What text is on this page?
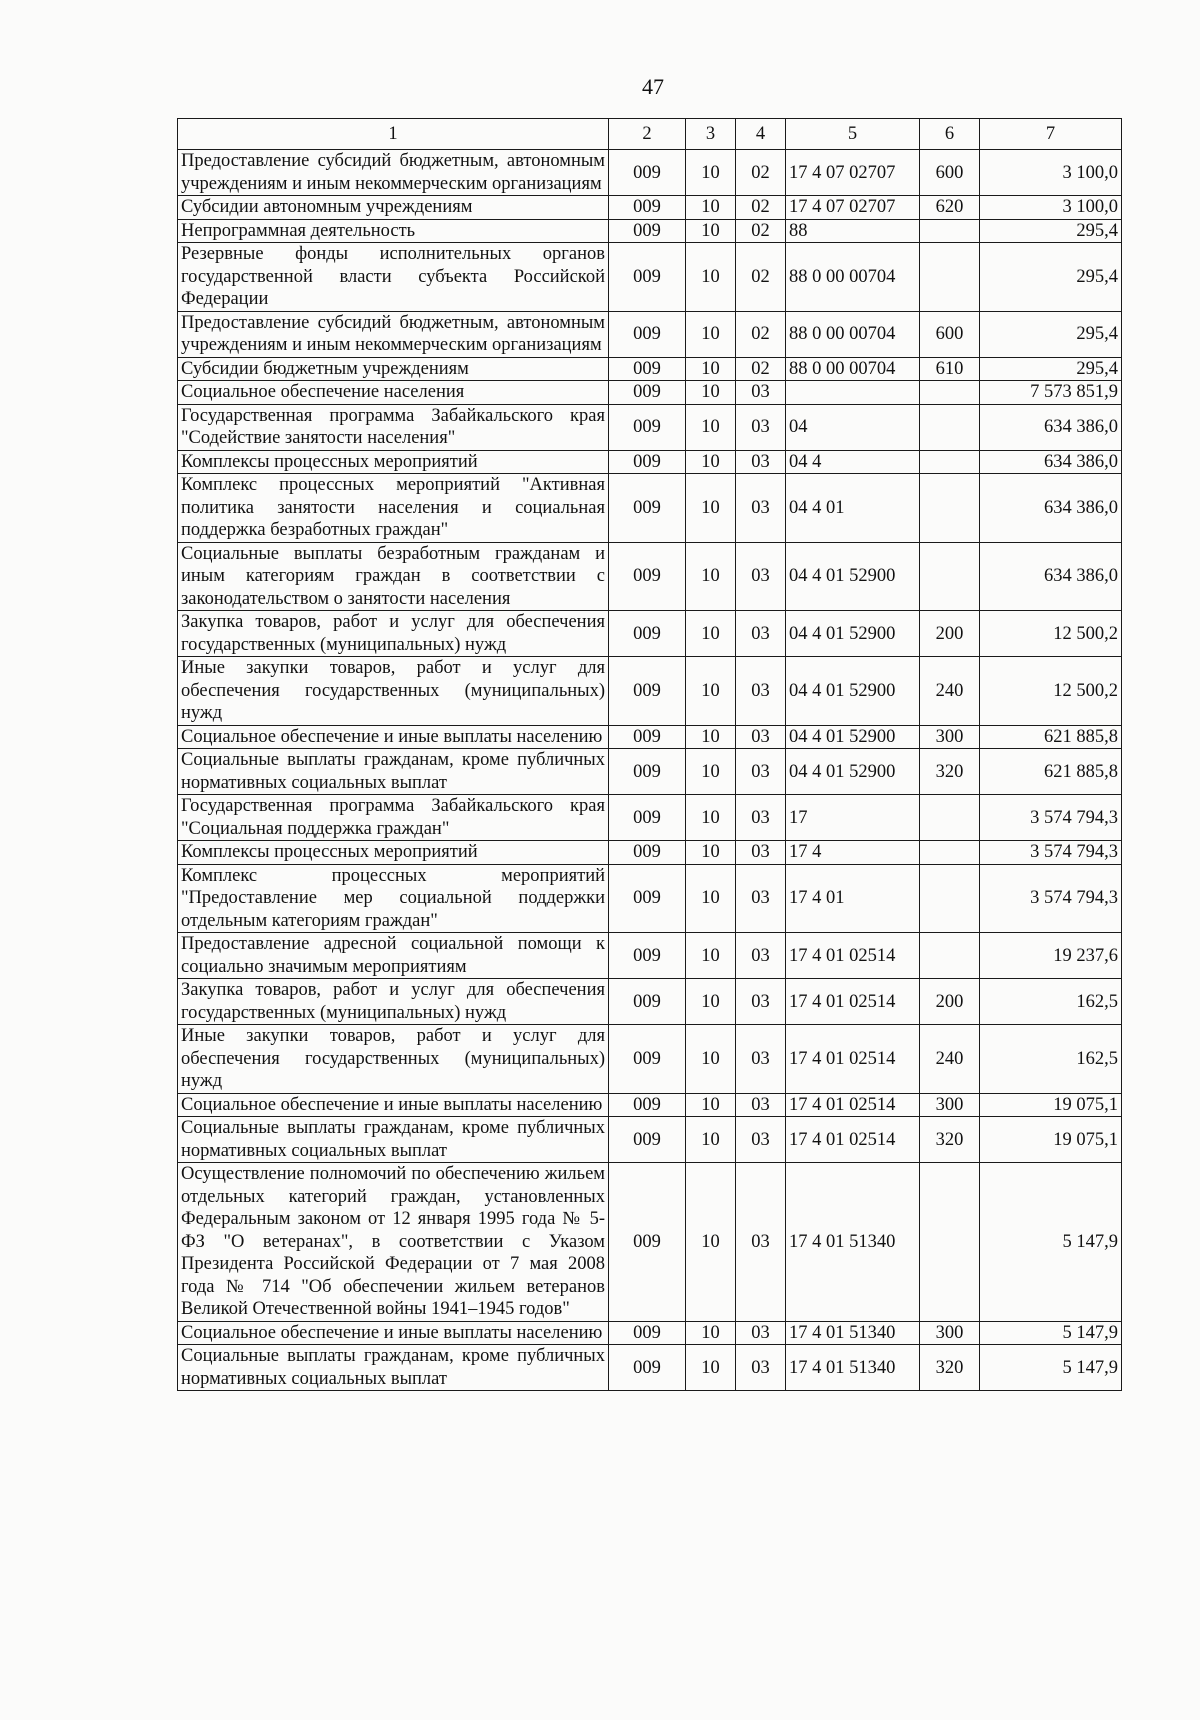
47
1	2	3	4	5	6	7
Предоставление субсидий бюджетным, автономным учреждениям и иным некоммерческим организациям	009	10	02	17 4 07 02707	600	3 100,0
Субсидии автономным учреждениям	009	10	02	17 4 07 02707	620	3 100,0
Непрограммная деятельность	009	10	02	88		295,4
Резервные фонды исполнительных органов государственной власти субъекта Российской Федерации	009	10	02	88 0 00 00704		295,4
Предоставление субсидий бюджетным, автономным учреждениям и иным некоммерческим организациям	009	10	02	88 0 00 00704	600	295,4
Субсидии бюджетным учреждениям	009	10	02	88 0 00 00704	610	295,4
Социальное обеспечение населения	009	10	03			7 573 851,9
Государственная программа Забайкальского края "Содействие занятости населения"	009	10	03	04		634 386,0
Комплексы процессных мероприятий	009	10	03	04 4		634 386,0
Комплекс процессных мероприятий "Активная политика занятости населения и социальная поддержка безработных граждан"	009	10	03	04 4 01		634 386,0
Социальные выплаты безработным гражданам и иным категориям граждан в соответствии с законодательством о занятости населения	009	10	03	04 4 01 52900		634 386,0
Закупка товаров, работ и услуг для обеспечения государственных (муниципальных) нужд	009	10	03	04 4 01 52900	200	12 500,2
Иные закупки товаров, работ и услуг для обеспечения государственных (муниципальных) нужд	009	10	03	04 4 01 52900	240	12 500,2
Социальное обеспечение и иные выплаты населению	009	10	03	04 4 01 52900	300	621 885,8
Социальные выплаты гражданам, кроме публичных нормативных социальных выплат	009	10	03	04 4 01 52900	320	621 885,8
Государственная программа Забайкальского края "Социальная поддержка граждан"	009	10	03	17		3 574 794,3
Комплексы процессных мероприятий	009	10	03	17 4		3 574 794,3
Комплекс процессных мероприятий "Предоставление мер социальной поддержки отдельным категориям граждан"	009	10	03	17 4 01		3 574 794,3
Предоставление адресной социальной помощи к социально значимым мероприятиям	009	10	03	17 4 01 02514		19 237,6
Закупка товаров, работ и услуг для обеспечения государственных (муниципальных) нужд	009	10	03	17 4 01 02514	200	162,5
Иные закупки товаров, работ и услуг для обеспечения государственных (муниципальных) нужд	009	10	03	17 4 01 02514	240	162,5
Социальное обеспечение и иные выплаты населению	009	10	03	17 4 01 02514	300	19 075,1
Социальные выплаты гражданам, кроме публичных нормативных социальных выплат	009	10	03	17 4 01 02514	320	19 075,1
Осуществление полномочий по обеспечению жильем отдельных категорий граждан, установленных Федеральным законом от 12 января 1995 года № 5-ФЗ "О ветеранах", в соответствии с Указом Президента Российской Федерации от 7 мая 2008 года № 714 "Об обеспечении жильем ветеранов Великой Отечественной войны 1941–1945 годов"	009	10	03	17 4 01 51340		5 147,9
Социальное обеспечение и иные выплаты населению	009	10	03	17 4 01 51340	300	5 147,9
Социальные выплаты гражданам, кроме публичных нормативных социальных выплат	009	10	03	17 4 01 51340	320	5 147,9
